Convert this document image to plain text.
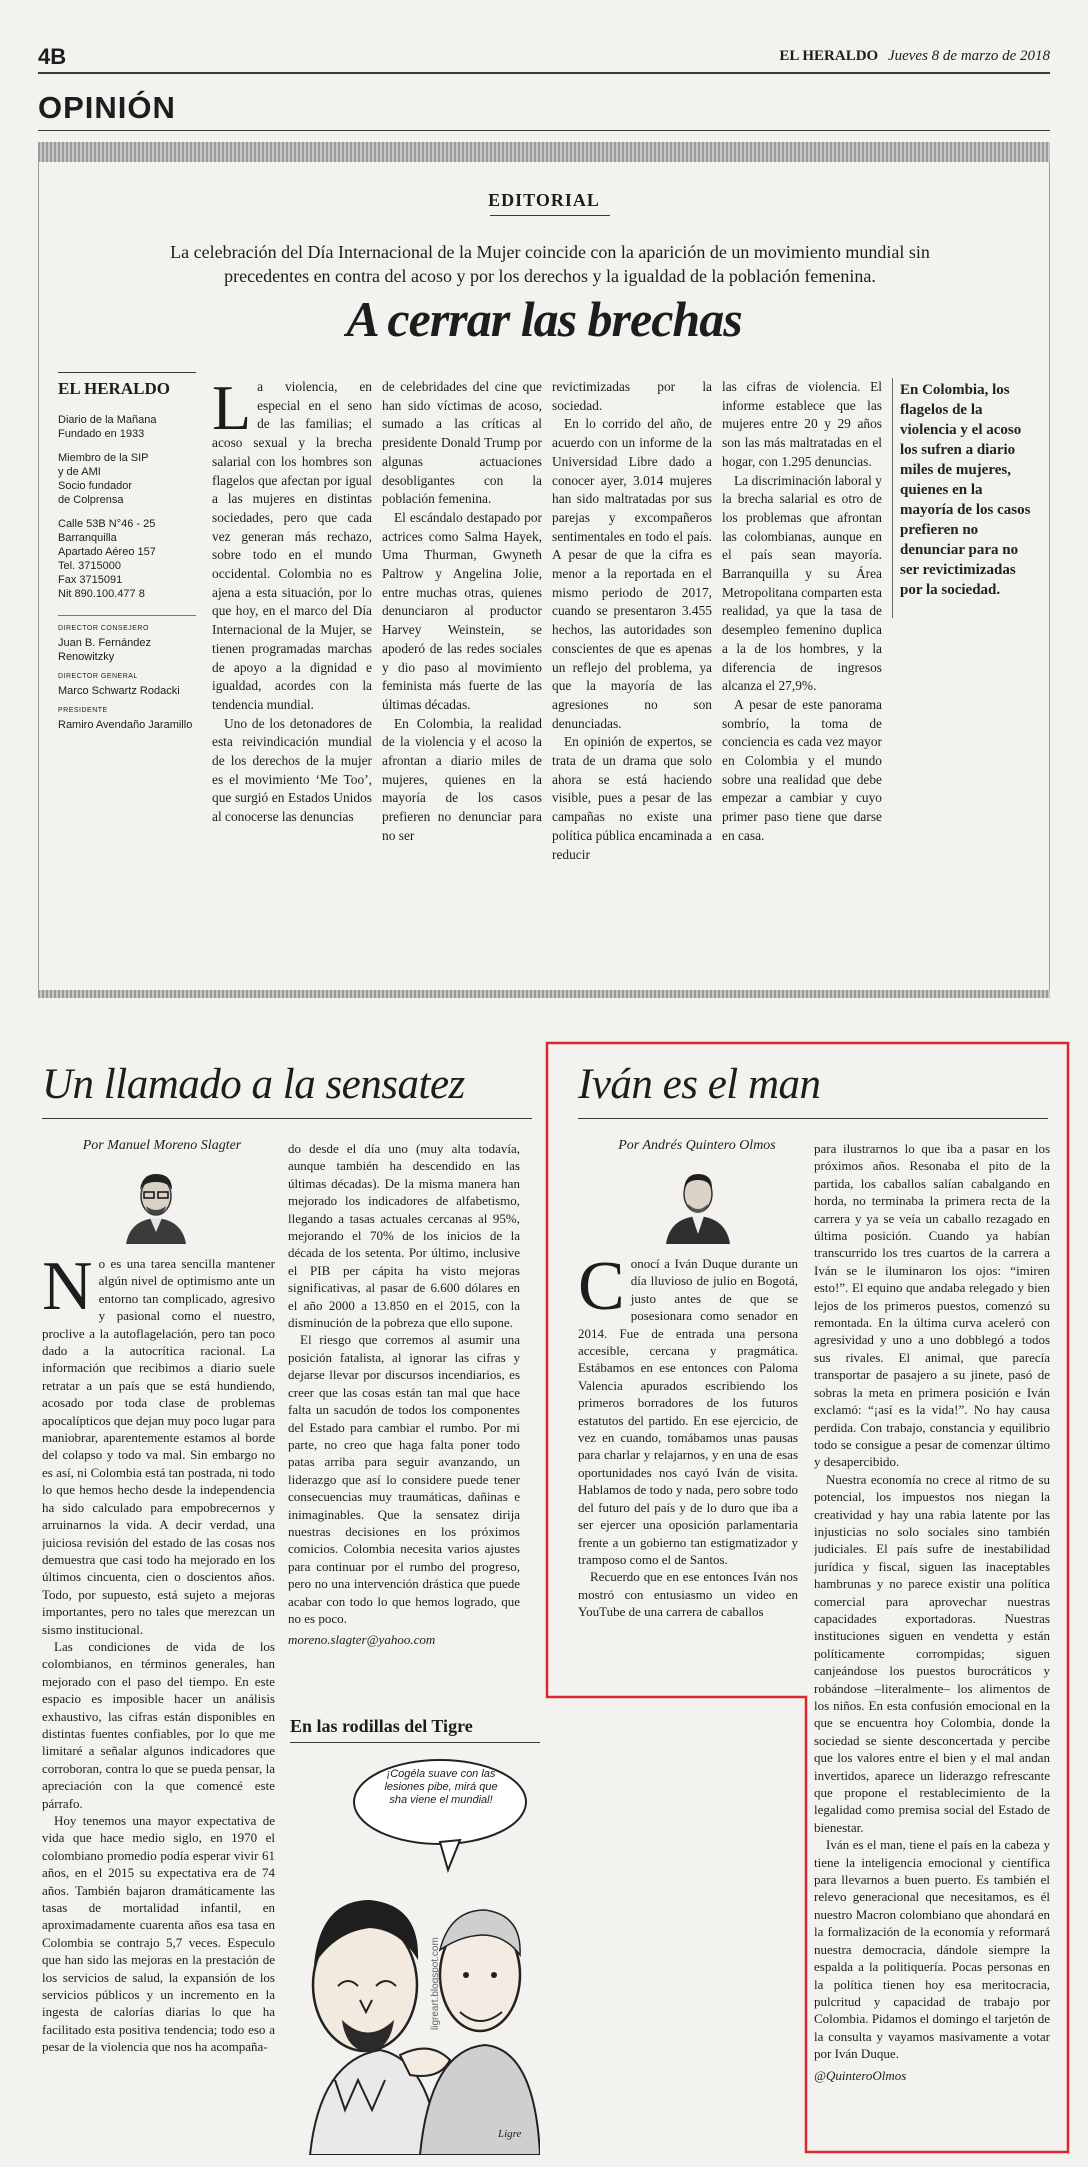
4B	EL HERALDO Jueves 8 de marzo de 2018
OPINIÓN
EDITORIAL
La celebración del Día Internacional de la Mujer coincide con la aparición de un movimiento mundial sin precedentes en contra del acoso y por los derechos y la igualdad de la población femenina.
A cerrar las brechas
EL HERALDO
Diario de la Mañana
Fundado en 1933
Miembro de la SIP
y de AMI
Socio fundador
de Colprensa
Calle 53B N°46 - 25
Barranquilla
Apartado Aéreo 157
Tel. 3715000
Fax 3715091
Nit 890.100.477 8
DIRECTOR CONSEJERO
Juan B. Fernández Renowitzky
DIRECTOR GENERAL
Marco Schwartz Rodacki
PRESIDENTE
Ramiro Avendaño Jaramillo
L a violencia, en especial en el seno de las familias; el acoso sexual y la brecha salarial con los hombres son flagelos que afectan por igual a las mujeres en distintas sociedades, pero que cada vez generan más rechazo, sobre todo en el mundo occidental. Colombia no es ajena a esta situación, por lo que hoy, en el marco del Día Internacional de la Mujer, se tienen programadas marchas de apoyo a la dignidad e igualdad, acordes con la tendencia mundial.

Uno de los detonadores de esta reivindicación mundial de los derechos de la mujer es el movimiento ‘Me Too’, que surgió en Estados Unidos al conocerse las denuncias

de celebridades del cine que han sido víctimas de acoso, sumado a las críticas al presidente Donald Trump por algunas actuaciones desobligantes con la población femenina.

El escándalo destapado por actrices como Salma Hayek, Uma Thurman, Gwyneth Paltrow y Angelina Jolie, entre muchas otras, quienes denunciaron al productor Harvey Weinstein, se apoderó de las redes sociales y dio paso al movimiento feminista más fuerte de las últimas décadas.

En Colombia, la realidad de la violencia y el acoso la afrontan a diario miles de mujeres, quienes en la mayoría de los casos prefieren no denunciar para no ser

revictimizadas por la sociedad.

En lo corrido del año, de acuerdo con un informe de la Universidad Libre dado a conocer ayer, 3.014 mujeres han sido maltratadas por sus parejas y excompañeros sentimentales en todo el país. A pesar de que la cifra es menor a la reportada en el mismo periodo de 2017, cuando se presentaron 3.455 hechos, las autoridades son conscientes de que es apenas un reflejo del problema, ya que la mayoría de las agresiones no son denunciadas.

En opinión de expertos, se trata de un drama que solo ahora se está haciendo visible, pues a pesar de las campañas no existe una política pública encaminada a reducir

las cifras de violencia. El informe establece que las mujeres entre 20 y 29 años son las más maltratadas en el hogar, con 1.295 denuncias.

La discriminación laboral y la brecha salarial es otro de los problemas que afrontan las colombianas, aunque en el país sean mayoría. Barranquilla y su Área Metropolitana comparten esta realidad, ya que la tasa de desempleo femenino duplica a la de los hombres, y la diferencia de ingresos alcanza el 27,9%.

A pesar de este panorama sombrío, la toma de conciencia es cada vez mayor en Colombia y el mundo sobre una realidad que debe empezar a cambiar y cuyo primer paso tiene que darse en casa.

En Colombia, los flagelos de la violencia y el acoso los sufren a diario miles de mujeres, quienes en la mayoría de los casos prefieren no denunciar para no ser revictimizadas por la sociedad.
Un llamado a la sensatez
Por Manuel Moreno Slagter
N o es una tarea sencilla mantener algún nivel de optimismo ante un entorno tan complicado, agresivo y pasional como el nuestro, proclive a la autoflagelación, pero tan poco dado a la autocrítica racional. La información que recibimos a diario suele retratar a un país que se está hundiendo, acosado por toda clase de problemas apocalípticos que dejan muy poco lugar para maniobrar, aparentemente estamos al borde del colapso y todo va mal. Sin embargo no es así, ni Colombia está tan postrada, ni todo lo que hemos hecho desde la independencia ha sido calculado para empobrecernos y arruinarnos la vida. A decir verdad, una juiciosa revisión del estado de las cosas nos demuestra que casi todo ha mejorado en los últimos cincuenta, cien o doscientos años. Todo, por supuesto, está sujeto a mejoras importantes, pero no tales que merezcan un sismo institucional.

Las condiciones de vida de los colombianos, en términos generales, han mejorado con el paso del tiempo. En este espacio es imposible hacer un análisis exhaustivo, las cifras están disponibles en distintas fuentes confiables, por lo que me limitaré a señalar algunos indicadores que corroboran, contra lo que se pueda pensar, la apreciación con la que comencé este párrafo.

Hoy tenemos una mayor expectativa de vida que hace medio siglo, en 1970 el colombiano promedio podía esperar vivir 61 años, en el 2015 su expectativa era de 74 años. También bajaron dramáticamente las tasas de mortalidad infantil, en aproximadamente cuarenta años esa tasa en Colombia se contrajo 5,7 veces. Especulo que han sido las mejoras en la prestación de los servicios de salud, la expansión de los servicios públicos y un incremento en la ingesta de calorías diarias lo que ha facilitado esta positiva tendencia; todo eso a pesar de la violencia que nos ha acompaña-

do desde el día uno (muy alta todavía, aunque también ha descendido en las últimas décadas). De la misma manera han mejorado los indicadores de alfabetismo, llegando a tasas actuales cercanas al 95%, mejorando el 70% de los inicios de la década de los setenta. Por último, inclusive el PIB per cápita ha visto mejoras significativas, al pasar de 6.600 dólares en el año 2000 a 13.850 en el 2015, con la disminución de la pobreza que ello supone.

El riesgo que corremos al asumir una posición fatalista, al ignorar las cifras y dejarse llevar por discursos incendiarios, es creer que las cosas están tan mal que hace falta un sacudón de todos los componentes del Estado para cambiar el rumbo. Por mi parte, no creo que haga falta poner todo patas arriba para seguir avanzando, un liderazgo que así lo considere puede tener consecuencias muy traumáticas, dañinas e inimaginables. Que la sensatez dirija nuestras decisiones en los próximos comicios. Colombia necesita varios ajustes para continuar por el rumbo del progreso, pero no una intervención drástica que puede acabar con todo lo que hemos logrado, que no es poco.

moreno.slagter@yahoo.com
En las rodillas del Tigre
¡Cogéla suave con las lesiones pibe, mirá que sha viene el mundial!
ligreart.blogspot.com
Ligre
Iván es el man
Por Andrés Quintero Olmos
C onocí a Iván Duque durante un día lluvioso de julio en Bogotá, justo antes de que se posesionara como senador en 2014. Fue de entrada una persona accesible, cercana y pragmática. Estábamos en ese entonces con Paloma Valencia apurados escribiendo los primeros borradores de los futuros estatutos del partido. En ese ejercicio, de vez en cuando, tomábamos unas pausas para charlar y relajarnos, y en una de esas oportunidades nos cayó Iván de visita. Hablamos de todo y nada, pero sobre todo del futuro del país y de lo duro que iba a ser ejercer una oposición parlamentaria frente a un gobierno tan estigmatizador y tramposo como el de Santos.

Recuerdo que en ese entonces Iván nos mostró con entusiasmo un video en YouTube de una carrera de caballos

para ilustrarnos lo que iba a pasar en los próximos años. Resonaba el pito de la partida, los caballos salían cabalgando en horda, no terminaba la primera recta de la carrera y ya se veía un caballo rezagado en última posición. Cuando ya habían transcurrido los tres cuartos de la carrera a Iván se le iluminaron los ojos: “imiren esto!”. El equino que andaba relegado y bien lejos de los primeros puestos, comenzó su remontada. En la última curva aceleró con agresividad y uno a uno dobblegó a todos sus rivales. El animal, que parecía transportar de pasajero a su jinete, pasó de sobras la meta en primera posición e Iván exclamó: “¡así es la vida!”. No hay causa perdida. Con trabajo, constancia y equilibrio todo se consigue a pesar de comenzar último y desapercibido.

Nuestra economía no crece al ritmo de su potencial, los impuestos nos niegan la creatividad y hay una rabia latente por las injusticias no solo sociales sino también judiciales. El país sufre de inestabilidad jurídica y fiscal, siguen las inaceptables hambrunas y no parece existir una política comercial para aprovechar nuestras capacidades exportadoras. Nuestras instituciones siguen en vendetta y están políticamente corrompidas; siguen canjeándose los puestos burocráticos y robándose –literalmente– los alimentos de los niños. En esta confusión emocional en la que se encuentra hoy Colombia, donde la sociedad se siente desconcertada y percibe que los valores entre el bien y el mal andan invertidos, aparece un liderazgo refrescante que propone el restablecimiento de la legalidad como premisa social del Estado de bienestar.

Iván es el man, tiene el país en la cabeza y tiene la inteligencia emocional y científica para llevarnos a buen puerto. Es también el relevo generacional que necesitamos, es él nuestro Macron colombiano que ahondará en la formalización de la economía y reformará nuestra democracia, dándole siempre la espalda a la politiquería. Pocas personas en la política tienen hoy esa meritocracia, pulcritud y capacidad de trabajo por Colombia. Pidamos el domingo el tarjetón de la consulta y vayamos masivamente a votar por Iván Duque.

@QuinteroOlmos
